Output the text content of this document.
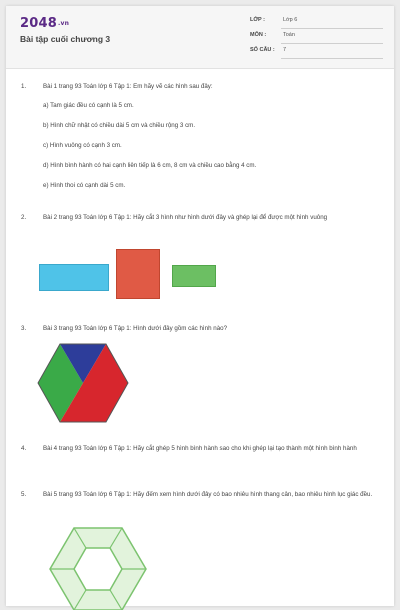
2048.vn
Bài tập cuối chương 3
LỚP :	Lớp 6
MÔN :	Toán
SỐ CÂU :	7
1.	Bài 1 trang 93 Toán lớp 6 Tập 1: Em hãy vẽ các hình sau đây:
a) Tam giác đều có cạnh là 5 cm.
b) Hình chữ nhật có chiều dài 5 cm và chiều rộng 3 cm.
c) Hình vuông có cạnh 3 cm.
d) Hình bình hành có hai cạnh liên tiếp là 6 cm, 8 cm và chiều cao bằng 4 cm.
e) Hình thoi có cạnh dài 5 cm.
2.	Bài 2 trang 93 Toán lớp 6 Tập 1: Hãy cắt 3 hình như hình dưới đây và ghép lại để được một hình vuông
3.	Bài 3 trang 93 Toán lớp 6 Tập 1: Hình dưới đây gồm các hình nào?
4.	Bài 4 trang 93 Toán lớp 6 Tập 1: Hãy cắt ghép 5 hình bình hành sao cho khi ghép lại tạo thành một hình bình hành
5.	Bài 5 trang 93 Toán lớp 6 Tập 1: Hãy đếm xem hình dưới đây có bao nhiêu hình thang cân, bao nhiêu hình lục giác đều.
